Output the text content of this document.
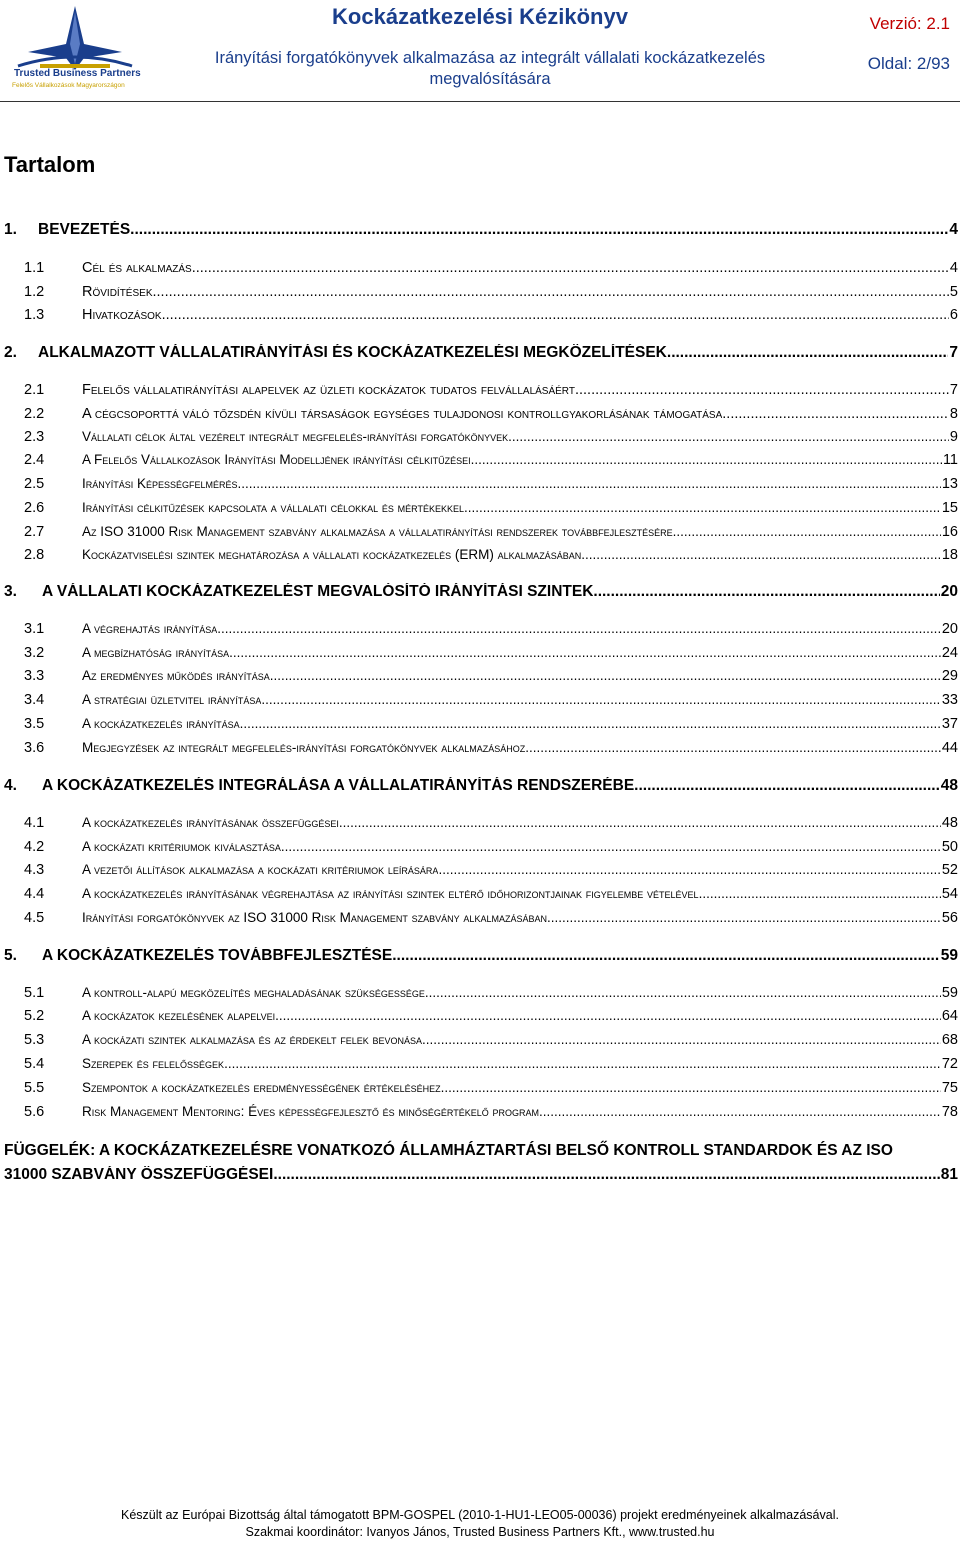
Trusted Business Partners
Felelős Vállalkozások Magyarországon
Kockázatkezelési Kézikönyv
Irányítási forgatókönyvek alkalmazása az integrált vállalati kockázatkezelés
megvalósítására
Verzió: 2.1
Oldal: 2/93
Tartalom
1.	BEVEZETÉS .....	4
1.1	Cél és alkalmazás .....	4
1.2	Rövidítések .....	5
1.3	Hivatkozások .....	6
2.	ALKALMAZOTT VÁLLALATIRÁNYÍTÁSI ÉS KOCKÁZATKEZELÉSI MEGKÖZELÍTÉSEK .....	7
2.1	Felelős vállalatirányítási alapelvek az üzleti kockázatok tudatos felvállalásáért .....	7
2.2	A cégcsoporttá váló tőzsdén kívüli társaságok egységes tulajdonosi kontrollgyakorlásának támogatása .....	8
2.3	Vállalati célok által vezérelt integrált megfelelés-irányítási forgatókönyvek .....	9
2.4	A Felelős Vállalkozások Irányítási Modelljének irányítási célkitűzései .....	11
2.5	Irányítási Képességfelmérés .....	13
2.6	Irányítási célkitűzések kapcsolata a vállalati célokkal és mértékekkel .....	15
2.7	Az ISO 31000 Risk Management szabvány alkalmazása a vállalatirányítási rendszerek továbbfejlesztésére .....	16
2.8	Kockázatviselési szintek meghatározása a vállalati kockázatkezelés (ERM) alkalmazásában .....	18
3.	A VÁLLALATI KOCKÁZATKEZELÉST MEGVALÓSÍTÓ IRÁNYÍTÁSI SZINTEK .....	20
3.1	A végrehajtás irányítása .....	20
3.2	A megbízhatóság irányítása .....	24
3.3	Az eredményes működés irányítása .....	29
3.4	A stratégiai üzletvitel irányítása .....	33
3.5	A kockázatkezelés irányítása .....	37
3.6	Megjegyzések az integrált megfelelés-irányítási forgatókönyvek alkalmazásához .....	44
4.	A KOCKÁZATKEZELÉS INTEGRÁLÁSA A VÁLLALATIRÁNYÍTÁS RENDSZERÉBE .....	48
4.1	A kockázatkezelés irányításának összefüggései .....	48
4.2	A kockázati kritériumok kiválasztása .....	50
4.3	A vezetői állítások alkalmazása a kockázati kritériumok leírására .....	52
4.4	A kockázatkezelés irányításának végrehajtása az irányítási szintek eltérő időhorizontjainak figyelembe vételével .....	54
4.5	Irányítási forgatókönyvek az ISO 31000 Risk Management szabvány alkalmazásában .....	56
5.	A KOCKÁZATKEZELÉS TOVÁBBFEJLESZTÉSE .....	59
5.1	A kontroll-alapú megközelítés meghaladásának szükségessége .....	59
5.2	A kockázatok kezelésének alapelvei .....	64
5.3	A kockázati szintek alkalmazása és az érdekelt felek bevonása .....	68
5.4	Szerepek és felelősségek .....	72
5.5	Szempontok a kockázatkezelés eredményességének értékeléséhez .....	75
5.6	Risk Management Mentoring: Éves képességfejlesztő és minőségértékelő program .....	78
FÜGGELÉK: A KOCKÁZATKEZELÉSRE VONATKOZÓ ÁLLAMHÁZTARTÁSI BELSŐ KONTROLL STANDARDOK ÉS AZ ISO
31000 SZABVÁNY ÖSSZEFÜGGÉSEI .....	81
Készült az Európai Bizottság által támogatott BPM-GOSPEL (2010-1-HU1-LEO05-00036) projekt eredményeinek alkalmazásával.
Szakmai koordinátor: Ivanyos János, Trusted Business Partners Kft., www.trusted.hu
